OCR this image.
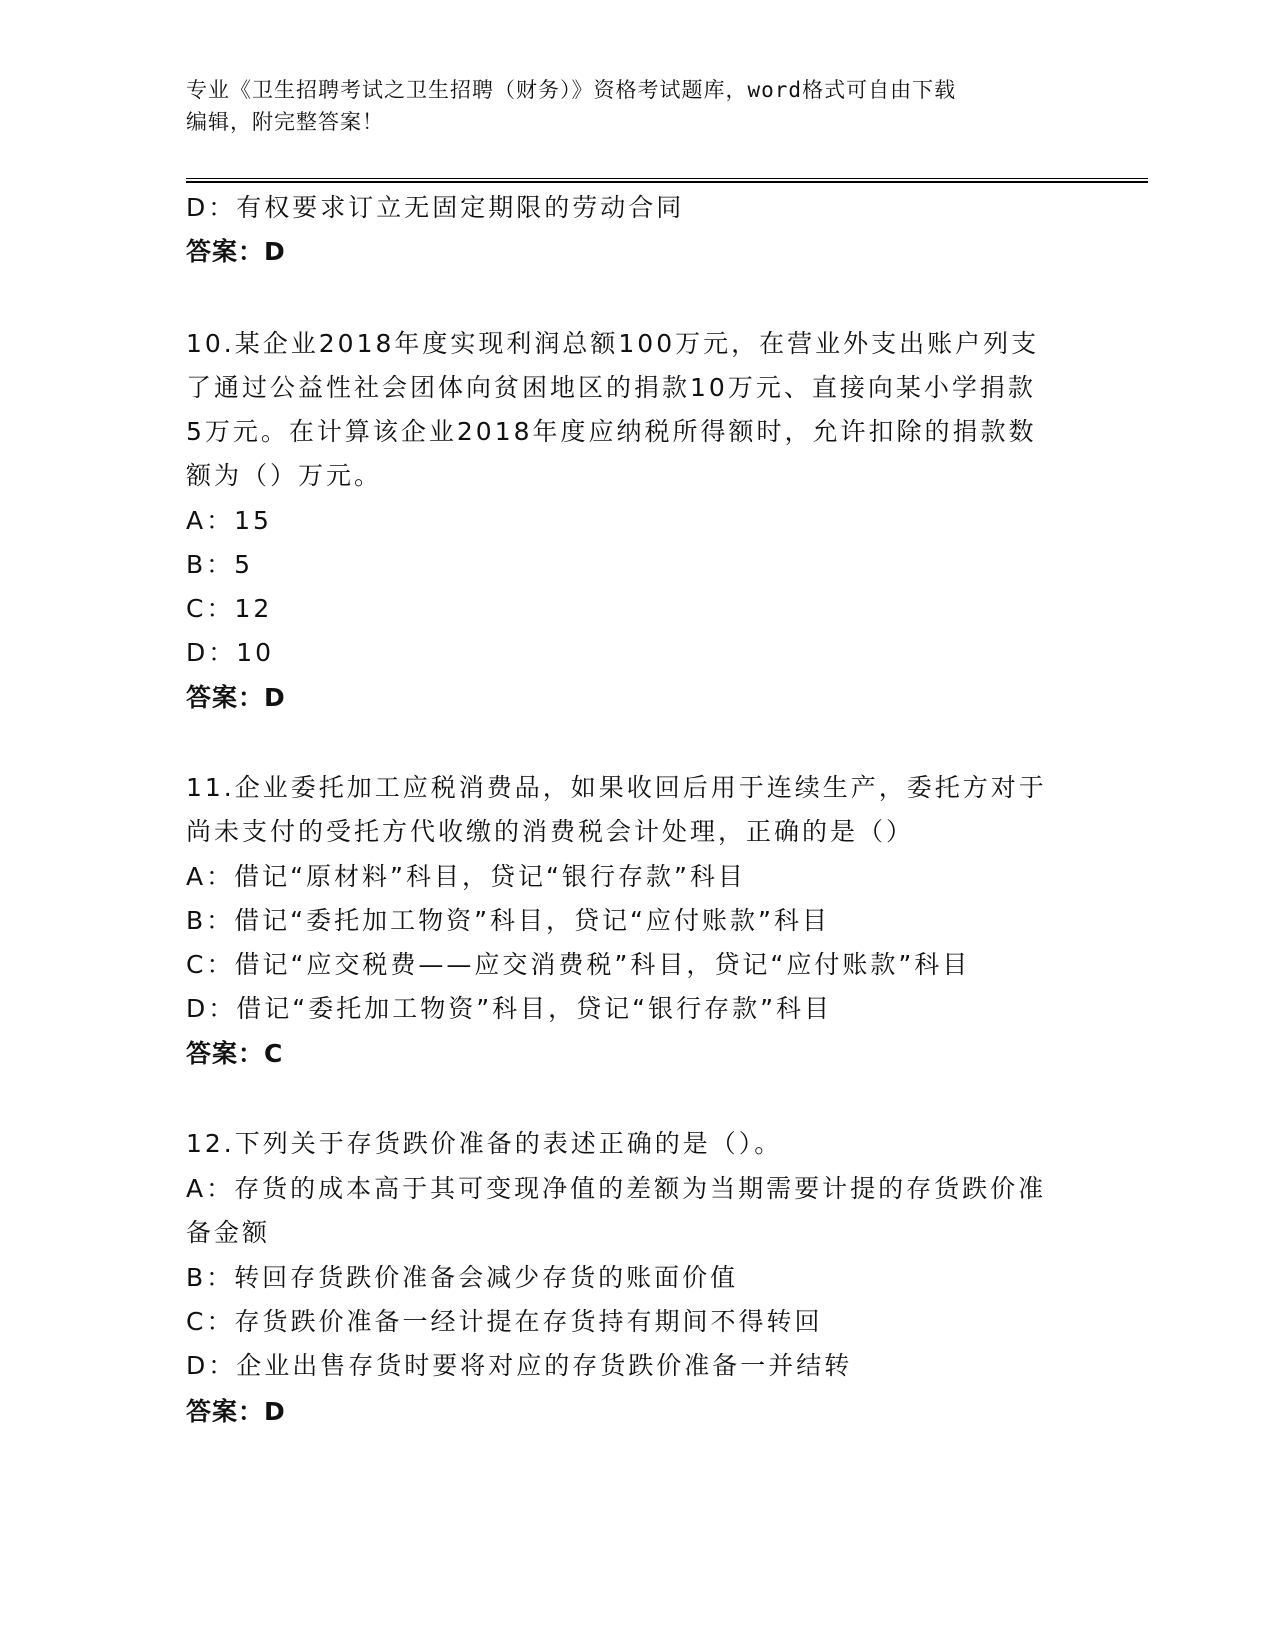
专业《卫生招聘考试之卫生招聘（财务）》资格考试题库，word格式可自由下载
编辑，附完整答案！
D：有权要求订立无固定期限的劳动合同
答案：D
10.某企业2018年度实现利润总额100万元，在营业外支出账户列支
了通过公益性社会团体向贫困地区的捐款10万元、直接向某小学捐款
5万元。在计算该企业2018年度应纳税所得额时，允许扣除的捐款数
额为（）万元。
A：15
B：5
C：12
D：10
答案：D
11.企业委托加工应税消费品，如果收回后用于连续生产，委托方对于
尚未支付的受托方代收缴的消费税会计处理，正确的是（）
A：借记“原材料”科目，贷记“银行存款”科目
B：借记“委托加工物资”科目，贷记“应付账款”科目
C：借记“应交税费——应交消费税”科目，贷记“应付账款”科目
D：借记“委托加工物资”科目，贷记“银行存款”科目
答案：C
12.下列关于存货跌价准备的表述正确的是（）。
A：存货的成本高于其可变现净值的差额为当期需要计提的存货跌价准
备金额
B：转回存货跌价准备会减少存货的账面价值
C：存货跌价准备一经计提在存货持有期间不得转回
D：企业出售存货时要将对应的存货跌价准备一并结转
答案：D
